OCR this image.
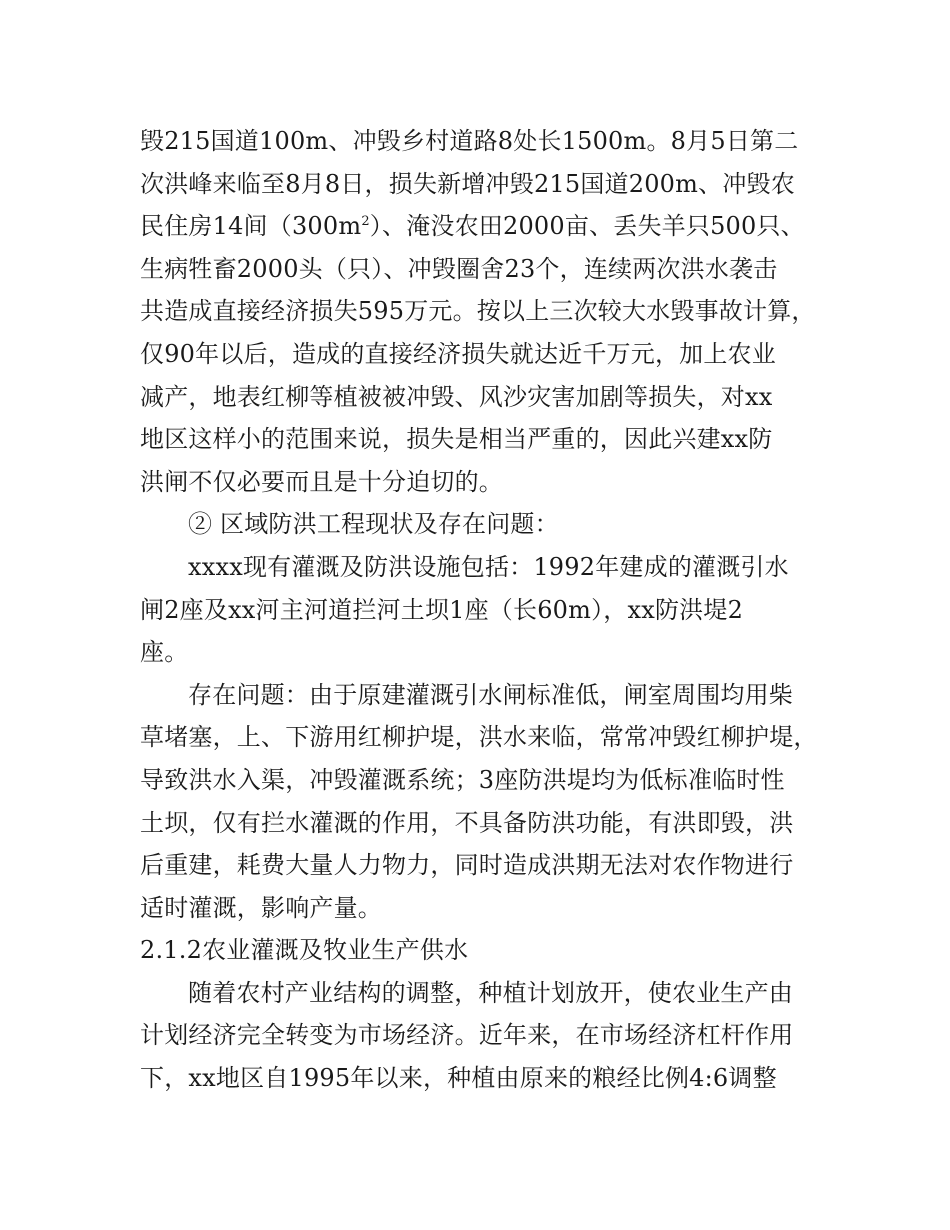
毁215国道100m、冲毁乡村道路8处长1500m。8月5日第二
次洪峰来临至8月8日，损失新增冲毁215国道200m、冲毁农
民住房14间$(300m^2)$、淹没农田2000亩、丢失羊只500只、
生病牲畜2000头（只）、冲毁圈舍23个，连续两次洪水袭击
共造成直接经济损失595万元。按以上三次较大水毁事故计算，
仅90年以后，造成的直接经济损失就达近千万元，加上农业
减产，地表红柳等植被被冲毁、风沙灾害加剧等损失，对xx
地区这样小的范围来说，损失是相当严重的，因此兴建xx防
洪闸不仅必要而且是十分迫切的。
② 区域防洪工程现状及存在问题：
xxxx现有灌溉及防洪设施包括：1992年建成的灌溉引水
闸2座及xx河主河道拦河土坝1座（长60m），xx防洪堤2
座。
存在问题：由于原建灌溉引水闸标准低，闸室周围均用柴
草堵塞，上、下游用红柳护堤，洪水来临，常常冲毁红柳护堤，
导致洪水入渠，冲毁灌溉系统；3座防洪堤均为低标准临时性
土坝，仅有拦水灌溉的作用，不具备防洪功能，有洪即毁，洪
后重建，耗费大量人力物力，同时造成洪期无法对农作物进行
适时灌溉，影响产量。
2.1.2农业灌溉及牧业生产供水
随着农村产业结构的调整，种植计划放开，使农业生产由
计划经济完全转变为市场经济。近年来，在市场经济杠杆作用
下，xx地区自1995年以来，种植由原来的粮经比例4:6调整
